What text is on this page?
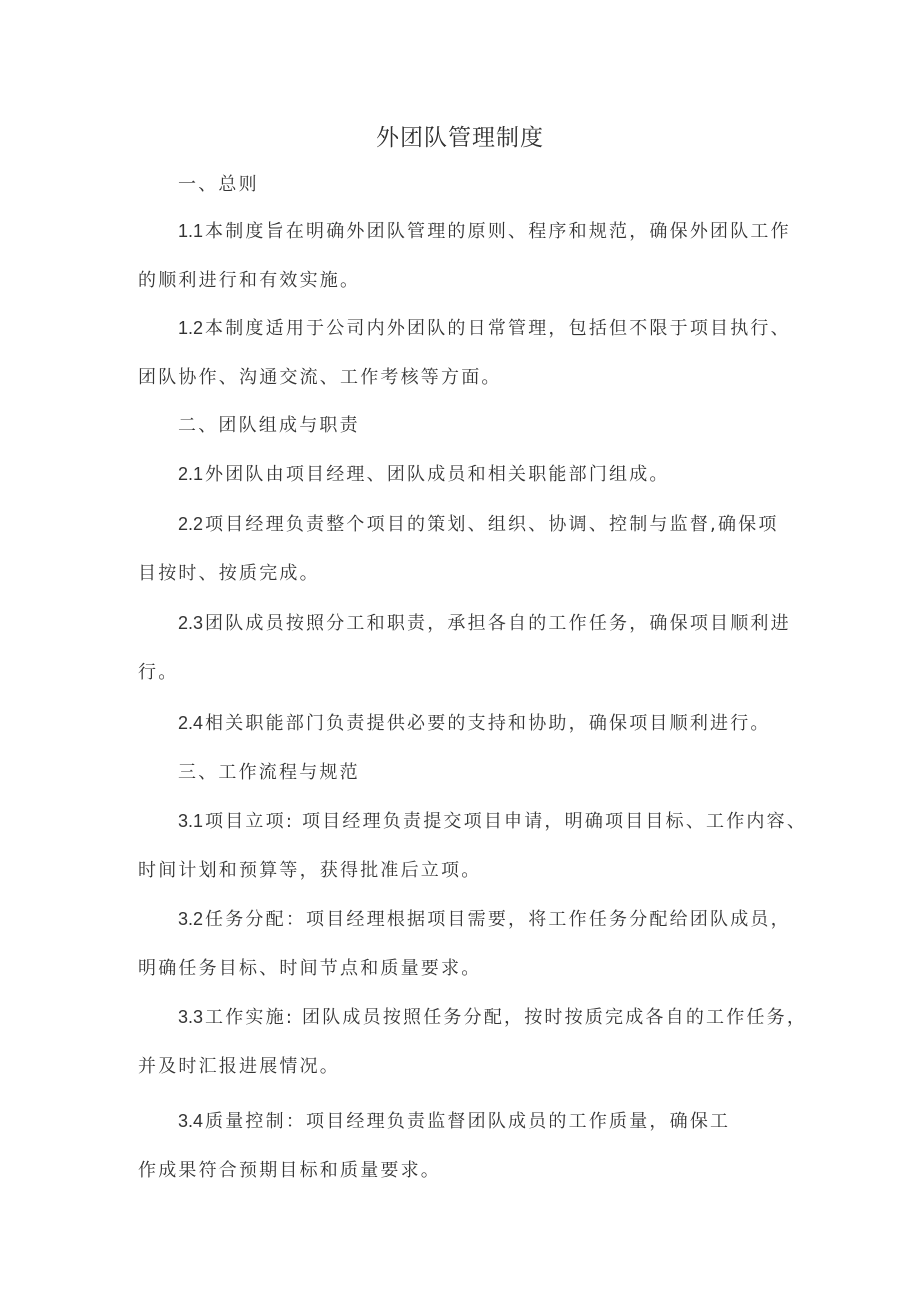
外团队管理制度
一、总则

1.1 本制度旨在明确外团队管理的原则、程序和规范，确保外团队工作
的顺利进行和有效实施。

1.2 本制度适用于公司内外团队的日常管理，包括但不限于项目执行、
团队协作、沟通交流、工作考核等方面。

二、团队组成与职责

2.1 外团队由项目经理、团队成员和相关职能部门组成。

2.2 项目经理负责整个项目的策划、组织、协调、控制与监督,确保项
目按时、按质完成。

2.3 团队成员按照分工和职责，承担各自的工作任务，确保项目顺利进
行。

2.4 相关职能部门负责提供必要的支持和协助，确保项目顺利进行。

三、工作流程与规范

3.1 项目立项: 项目经理负责提交项目申请，明确项目目标、工作内容、
时间计划和预算等，获得批准后立项。

3.2 任务分配：项目经理根据项目需要，将工作任务分配给团队成员，
明确任务目标、时间节点和质量要求。

3.3 工作实施: 团队成员按照任务分配，按时按质完成各自的工作任务，
并及时汇报进展情况。

3.4 质量控制：项目经理负责监督团队成员的工作质量，确保工
作成果符合预期目标和质量要求。
